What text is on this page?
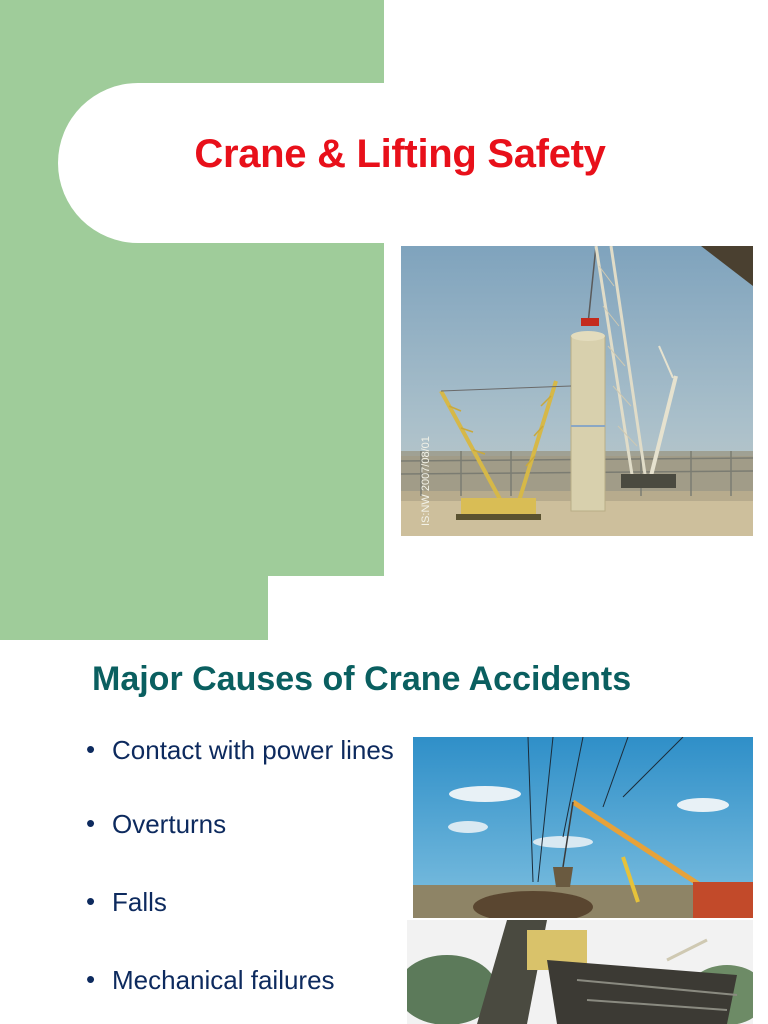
Crane & Lifting Safety
IS:NW 2007/08/01
Major Causes of Crane Accidents
• Contact with power lines
• Overturns
• Falls
• Mechanical failures
